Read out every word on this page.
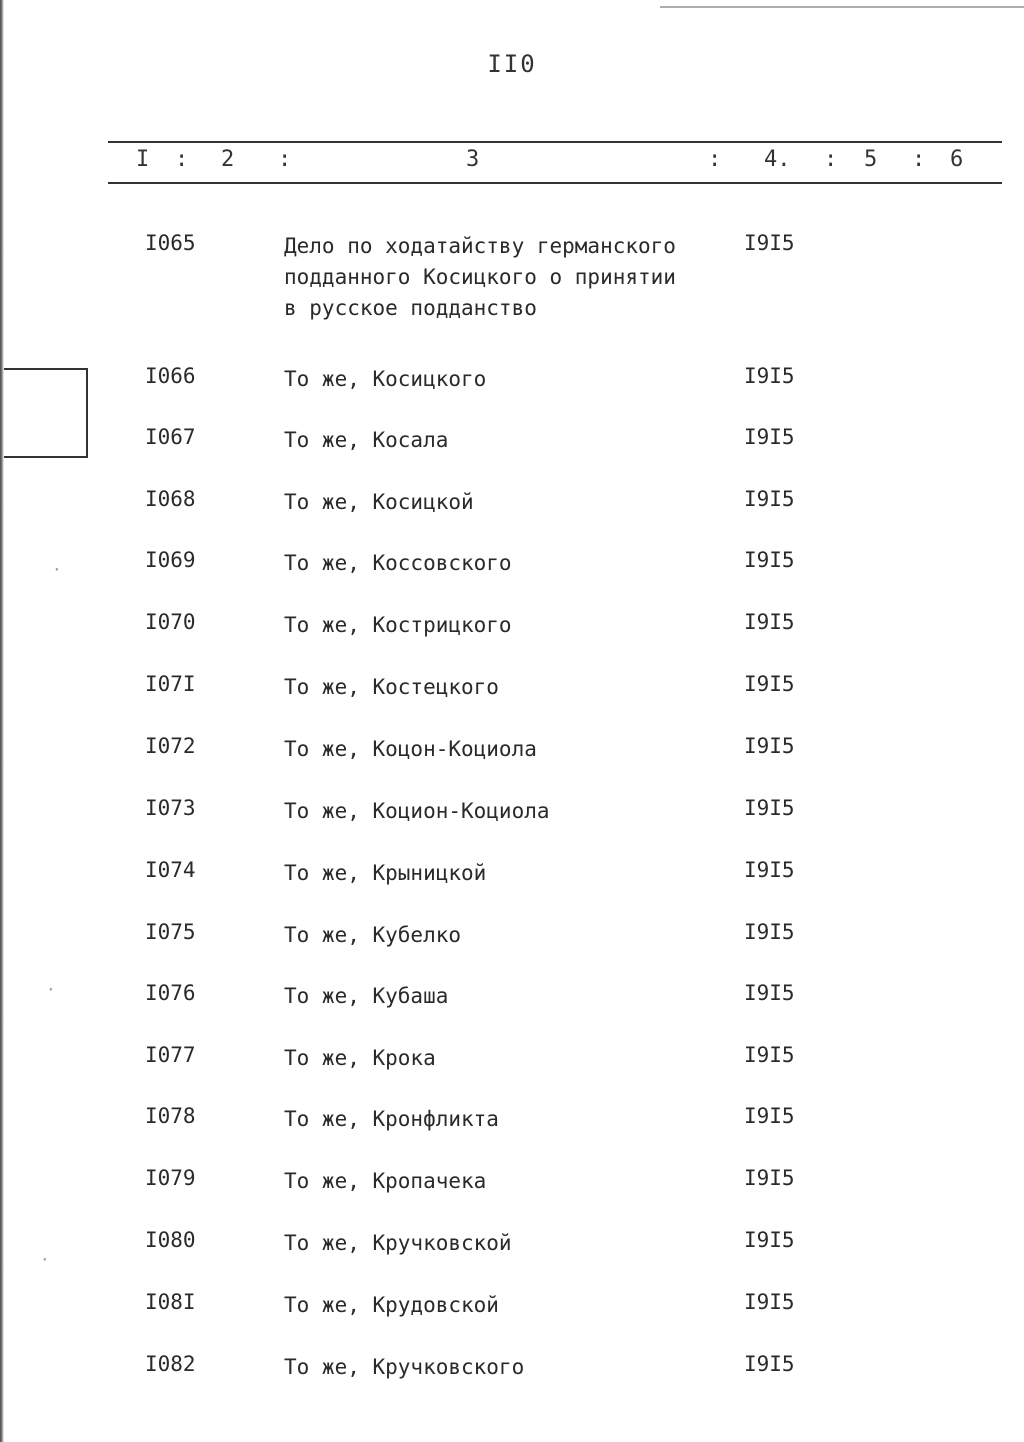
II0
I : 2 :	3	: 4. : 5 : 6
I065	Дело по ходатайству германского
подданного Косицкого о принятии
в русское подданство
I9I5
I066	То же, Косицкого	I9I5
I067	То же, Косала	I9I5
I068	То же, Косицкой	I9I5
I069	То же, Коссовского	I9I5
I070	То же, Кострицкого	I9I5
I07I	То же, Костецкого	I9I5
I072	То же, Коцон-Коциола	I9I5
I073	То же, Коцион-Коциола	I9I5
I074	То же, Крыницкой	I9I5
I075	То же, Кубелко	I9I5
I076	То же, Кубаша	I9I5
I077	То же, Крока	I9I5
I078	То же, Кронфликта	I9I5
I079	То же, Кропачека	I9I5
I080	То же, Кручковской	I9I5
I08I	То же, Крудовской	I9I5
I082	То же, Кручковского	I9I5
·
·
·
